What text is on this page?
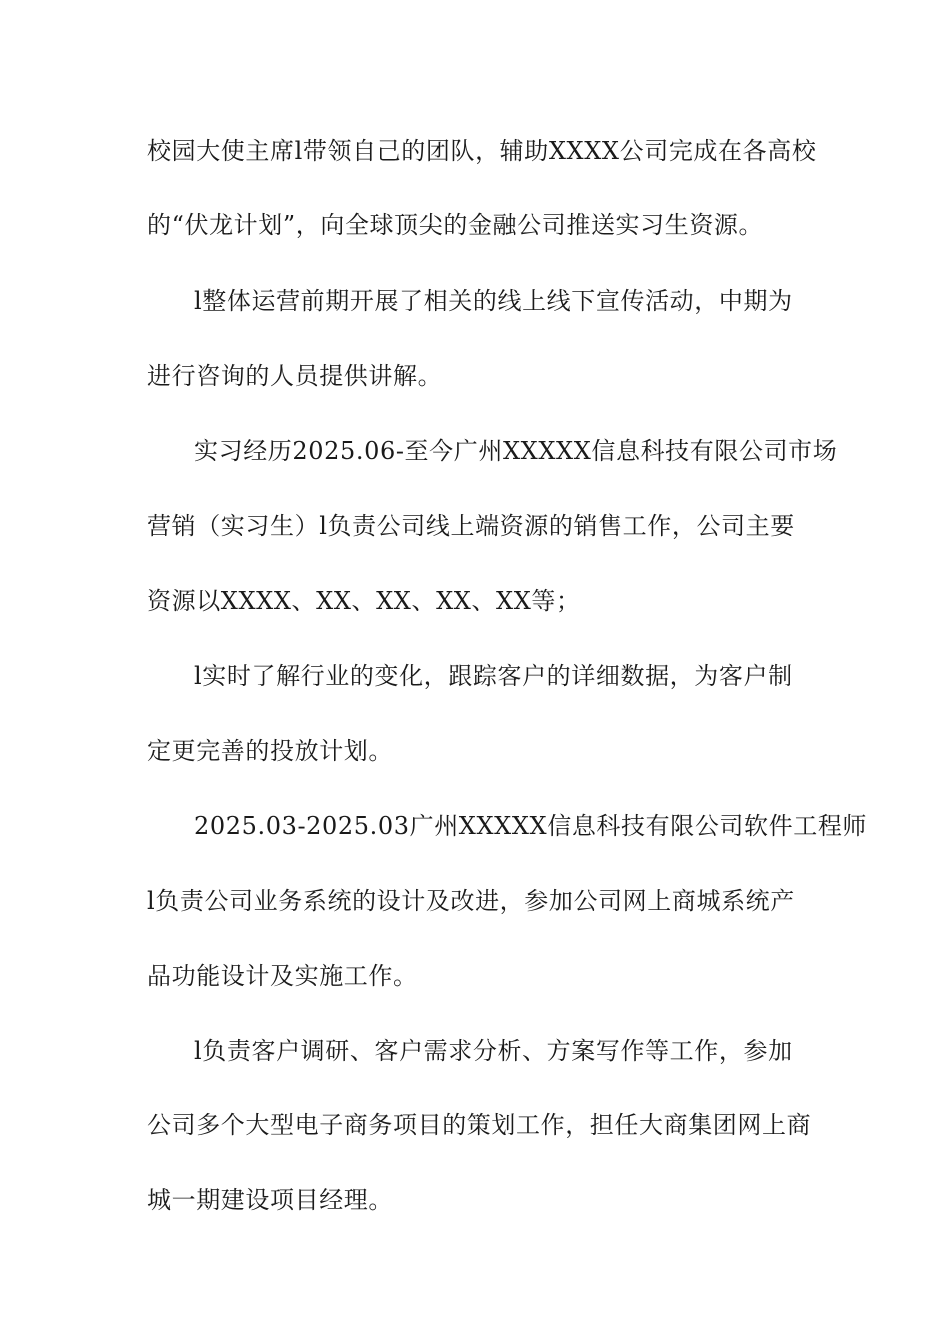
校园大使主席l带领自己的团队，辅助XXXX公司完成在各高校
的“伏龙计划”，向全球顶尖的金融公司推送实习生资源。
l整体运营前期开展了相关的线上线下宣传活动，中期为
进行咨询的人员提供讲解。
实习经历2025.06-至今广州XXXXX信息科技有限公司市场
营销（实习生）l负责公司线上端资源的销售工作，公司主要
资源以XXXX、XX、XX、XX、XX等；
l实时了解行业的变化，跟踪客户的详细数据，为客户制
定更完善的投放计划。
2025.03-2025.03广州XXXXX信息科技有限公司软件工程师
l负责公司业务系统的设计及改进，参加公司网上商城系统产
品功能设计及实施工作。
l负责客户调研、客户需求分析、方案写作等工作，参加
公司多个大型电子商务项目的策划工作，担任大商集团网上商
城一期建设项目经理。
